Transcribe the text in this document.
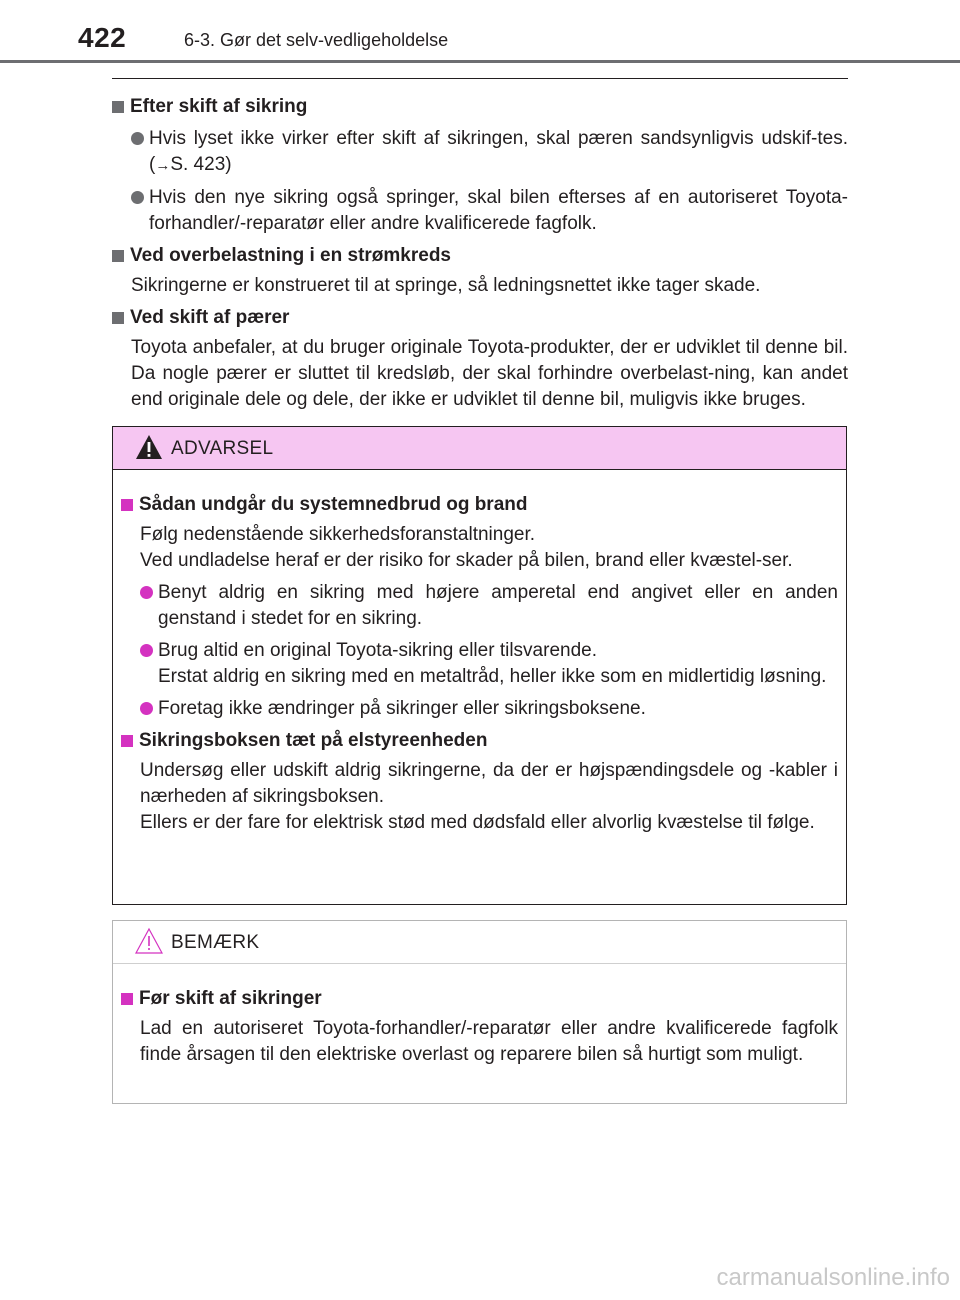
422	6-3. Gør det selv-vedligeholdelse
Efter skift af sikring
Hvis lyset ikke virker efter skift af sikringen, skal pæren sandsynligvis udskif-tes. (→S. 423)
Hvis den nye sikring også springer, skal bilen efterses af en autoriseret Toyota-forhandler/-reparatør eller andre kvalificerede fagfolk.
Ved overbelastning i en strømkreds
Sikringerne er konstrueret til at springe, så ledningsnettet ikke tager skade.
Ved skift af pærer
Toyota anbefaler, at du bruger originale Toyota-produkter, der er udviklet til denne bil. Da nogle pærer er sluttet til kredsløb, der skal forhindre overbelast-ning, kan andet end originale dele og dele, der ikke er udviklet til denne bil, muligvis ikke bruges.
ADVARSEL
Sådan undgår du systemnedbrud og brand
Følg nedenstående sikkerhedsforanstaltninger.
Ved undladelse heraf er der risiko for skader på bilen, brand eller kvæstel-ser.
Benyt aldrig en sikring med højere amperetal end angivet eller en anden genstand i stedet for en sikring.
Brug altid en original Toyota-sikring eller tilsvarende.
Erstat aldrig en sikring med en metaltråd, heller ikke som en midlertidig løsning.
Foretag ikke ændringer på sikringer eller sikringsboksene.
Sikringsboksen tæt på elstyreenheden
Undersøg eller udskift aldrig sikringerne, da der er højspændingsdele og -kabler i nærheden af sikringsboksen.
Ellers er der fare for elektrisk stød med dødsfald eller alvorlig kvæstelse til følge.
BEMÆRK
Før skift af sikringer
Lad en autoriseret Toyota-forhandler/-reparatør eller andre kvalificerede fagfolk finde årsagen til den elektriske overlast og reparere bilen så hurtigt som muligt.
carmanualsonline.info
